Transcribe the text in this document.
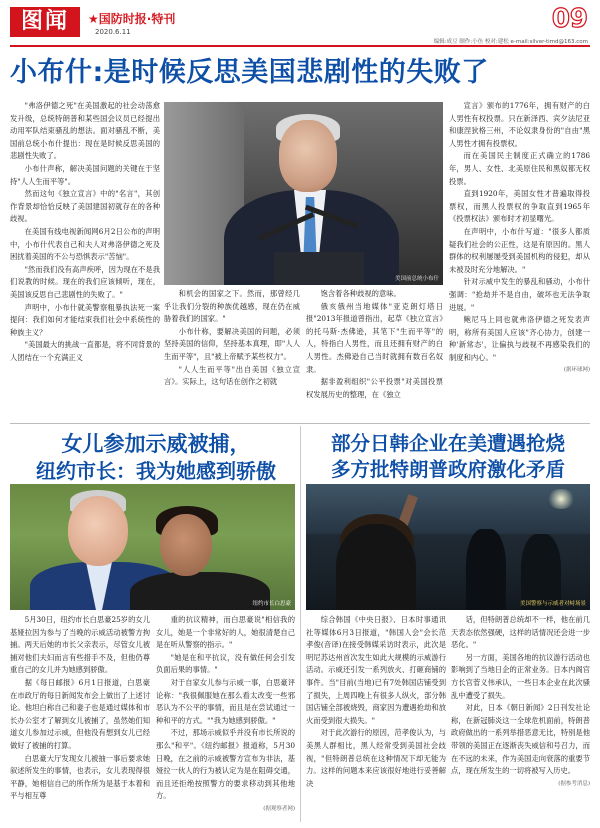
图闻	★国防时报·特刊
2020.6.11	09
编辑:成豆 制作:小鱼 校对:建松 e-mail:silver-timd@163.com
小布什:是时候反思美国悲剧性的失败了

"弗洛伊德之死"在美国激起的社会动荡愈发升级，总统特朗普和某些国会议员已经提出动用军队结束骚乱的想法。面对骚乱不断，美国前总统小布什提出：现在是时候反思美国的悲剧性失败了。

小布什声称，解决美国问题的关键在于坚持"人人生而平等"。

然而这句《独立宣言》中的"名言"，其创作背景却恰恰反映了美国建国初就存在的各种歧视。

在美国有线电视新闻网6月2日公布的声明中，小布什代表自己和夫人对弗洛伊德之死及困扰着美国的不公与恐惧表示"苦恼"。

"然而我们没有高声疾呼，因为现在不是我们说教的时候。现在的我们应该倾听，现在，美国该反思自己悲剧性的失败了。"

声明中，小布什就美警察粗暴执法死一案提问：我们如何才能结束我们社会中系统性的种族主义？

"美国最大的挑战一直都是，将不同背景的人团结在一个充满正义

美国前总统小布什

和机会的国家之下。然而，那曾经几乎让我们分裂的种族优越感，现在仍在威胁着我们的国家。"

小布什称，要解决美国的问题，必须坚持美国的信仰，坚持基本真理，即"人人生而平等"，且"被上帝赋予某些权力"。

"人人生而平等"出自美国《独立宣言》。实际上，这句话在创作之初就

饱含着各种歧视的意味。

俄亥俄州当地媒体"亚克朗灯塔日报"2013年报道曾指出，起草《独立宣言》的托马斯·杰佛逊，其笔下"生而平等"的人，特指白人男性，而且还拥有财产的白人男性。杰佛逊自己当时就拥有数百名奴隶。

据非盈利组织"公平投票"对美国投票权发展历史的整理，在《独立

宣言》颁布的1776年，拥有财产的白人男性有权投票。只在新泽西、宾夕法尼亚和康涅狄格三州，不论奴隶身份的"自由"黑人男性才拥有投票权。

而在美国民主制度正式确立的1786年，男人、女性、北美原住民和黑奴都无权投票。

直到1920年，美国女性才普遍取得投票权，而黑人投票权的争取直到1965年《投票权法》颁布时才初显曙光。

在声明中，小布什写道："很多人都质疑我们社会的公正性，这是有原因的。黑人群体的权利屡屡受到美国机构的侵犯，却从未被及时充分地解决。"

针对示威中发生的暴乱和骚动，小布什强调："抢劫并不是自由，破坏也无法争取进展。"

鲍尼马上同也就弗洛伊德之死发表声明，称所有美国人应该"齐心协力，创建一种'新常态'，让偏执与歧视不再感染我们的制度和内心。"

(据环球网)
女儿参加示威被捕，
纽约市长：我为她感到骄傲
纽约市长白思豪

5月30日，纽约市长白思豪25岁的女儿基娅拉因为参与了当晚的示威活动被警方拘捕。两天后她的市长父亲表示，尽管女儿被捕对他们夫妇而言有些措手不及，但他仍尊重自己的女儿并为她感到骄傲。

据《每日邮报》6月1日报道，白思豪在市政厅的每日新闻发布会上做出了上述讨论。他坦白称自己和妻子也是通过媒体和市长办公室才了解到女儿被捕了，虽然她们知道女儿参加过示威，但他没有想到女儿已经做好了被捕的打算。

白思豪大厅发现女儿被抽一事后要求她叙述所发生的事情，也表示，女儿表现得很平静，她相信自己的所作所为是基于本着和平与相互尊

重的抗议精神，而白思豪说"相信我的女儿，她是一个非常好的人，她很清楚自己是在听从警察的指示。"

"她是在和平抗议，没有做任何会引发负面后果的事情。"

对于自家女儿参与示威一事，白思豪评论称："我很佩服她在那么看太改变一些邪恶认为不公平的事情，而且是在尝试通过一种和平的方式。""我为她感到骄傲。"

不过，那场示威似乎并没有市长所说的那么"和平"。《纽约邮报》报道称，5月30日晚，在之前的示威被警方宣布为非法，基娅拉一伙人的行为被认定为是在阻碍交通，而且还拒绝按照警方的要求移动到其他地方。

(据观察者网)
部分日韩企业在美遭遇抢烧
多方批特朗普政府激化矛盾
美国警察与示威者对峙场景

综合韩国《中央日报》、日本时事通讯社等媒体6月3日报道，"韩国人会"会长范孝俊(音译)在接受韩媒采访时表示，此次是明尼苏达州首次发生如此大规模的示威游行活动。示威还引发一系列放火、打砸商铺的事件。当"目前(当地)已有7处韩国店铺受到了损失，上周四晚上有很多人纵火，部分韩国店铺全部被烧毁，商家因为遭遇抢劫和放火而受到很大损失。"

对于此次游行的原因，范孝俊认为，与美黑人群相比，黑人经常受到美国社会歧视，"但特朗普总统在这种情况下却无能为力。这样的问题本来应该很好地进行妥善解决

话，但特朗普总统却不一样，他在前几天表态依然强硬，这样的话情况还会进一步恶化。"

另一方面，美国各地的抗议游行活动也影响到了当地日企的正常业务。日本内阁官方长官菅义伟承认，一些日本企业在此次骚乱中遭受了损失。

对此，日本《朝日新闻》2日刊发社论称，在新冠肺炎这一全球危机面前，特朗普政府做出的一系列举措恶意无比，特别是他带领的美国正在逐渐丧失威信和号召力，而在不远的未来，作为美国走向衰落的重要节点，现在所发生的一切将被写入历史。

(据参考消息)
